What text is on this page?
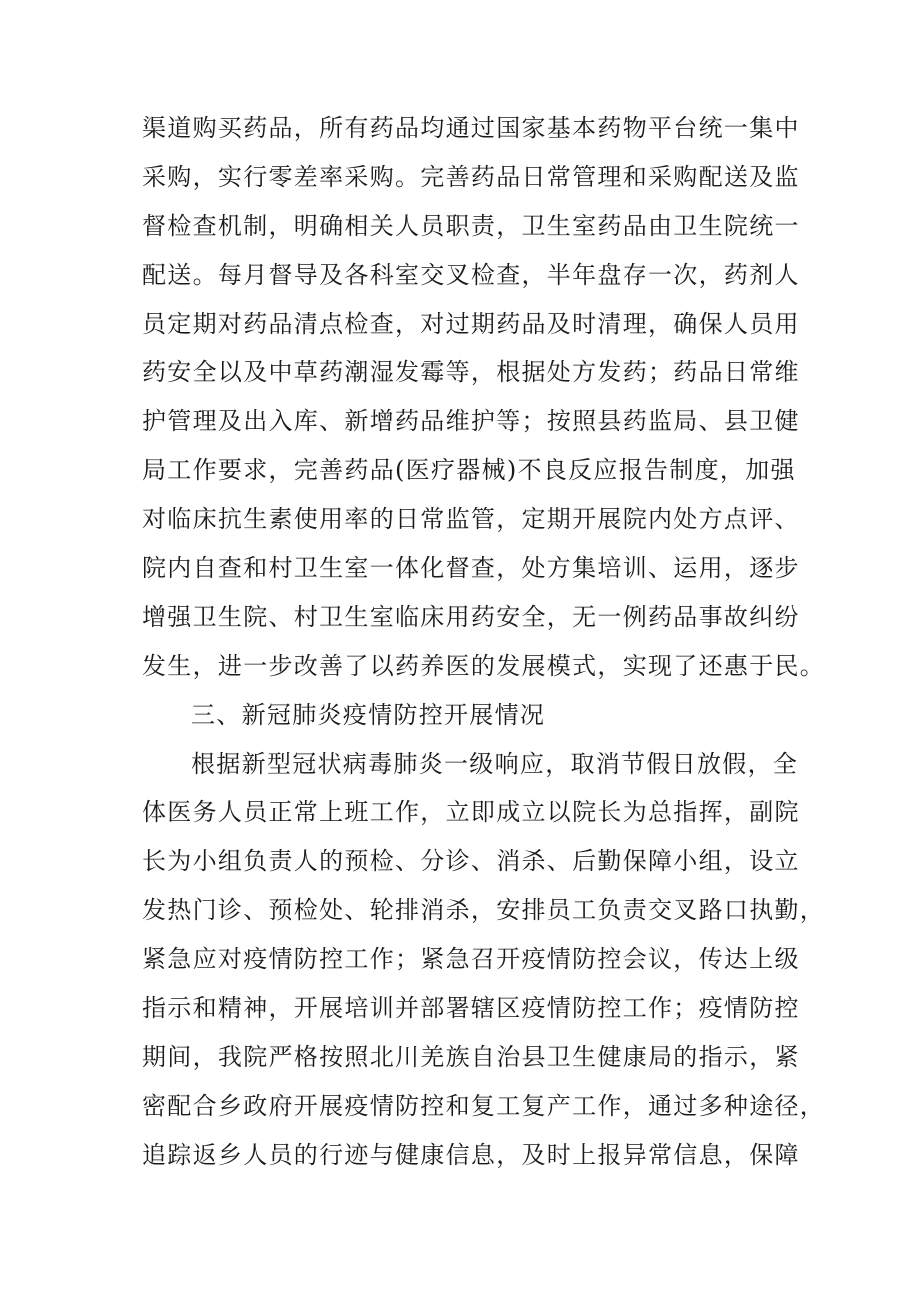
渠道购买药品，所有药品均通过国家基本药物平台统一集中
采购，实行零差率采购。完善药品日常管理和采购配送及监
督检查机制，明确相关人员职责，卫生室药品由卫生院统一
配送。每月督导及各科室交叉检查，半年盘存一次，药剂人
员定期对药品清点检查，对过期药品及时清理，确保人员用
药安全以及中草药潮湿发霉等，根据处方发药；药品日常维
护管理及出入库、新增药品维护等；按照县药监局、县卫健
局工作要求，完善药品(医疗器械)不良反应报告制度，加强
对临床抗生素使用率的日常监管，定期开展院内处方点评、
院内自查和村卫生室一体化督查，处方集培训、运用，逐步
增强卫生院、村卫生室临床用药安全，无一例药品事故纠纷
发生，进一步改善了以药养医的发展模式，实现了还惠于民。
三、新冠肺炎疫情防控开展情况
根据新型冠状病毒肺炎一级响应，取消节假日放假，全
体医务人员正常上班工作，立即成立以院长为总指挥，副院
长为小组负责人的预检、分诊、消杀、后勤保障小组，设立
发热门诊、预检处、轮排消杀，安排员工负责交叉路口执勤，
紧急应对疫情防控工作；紧急召开疫情防控会议，传达上级
指示和精神，开展培训并部署辖区疫情防控工作；疫情防控
期间，我院严格按照北川羌族自治县卫生健康局的指示，紧
密配合乡政府开展疫情防控和复工复产工作，通过多种途径，
追踪返乡人员的行迹与健康信息，及时上报异常信息，保障
